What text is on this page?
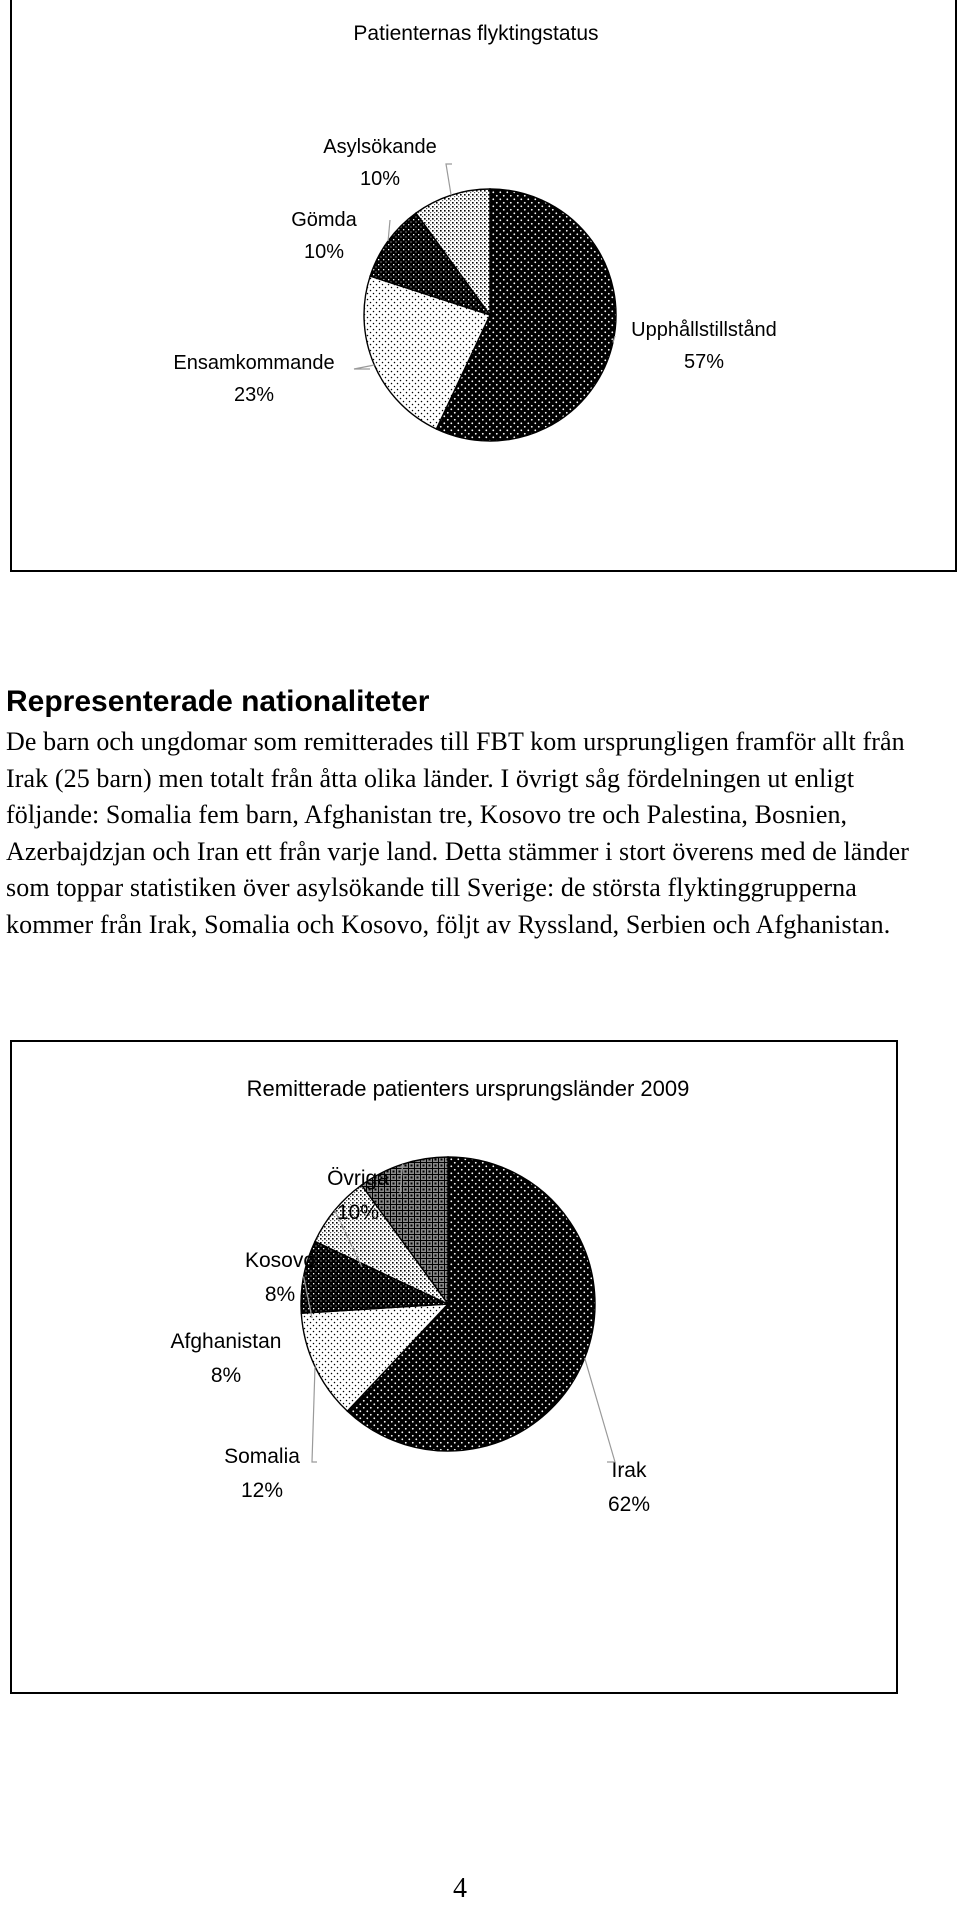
Patienternas flyktingstatus
Upphållstillstånd
57%
Ensamkommande
23%
Gömda
10%
Asylsökande
10%
Representerade nationaliteter

De barn och ungdomar som remitterades till FBT kom ursprungligen framför allt från Irak (25 barn) men totalt från åtta olika länder. I övrigt såg fördelningen ut enligt följande: Somalia fem barn, Afghanistan tre, Kosovo tre och Palestina, Bosnien, Azerbajdzjan och Iran ett från varje land. Detta stämmer i stort överens med de länder som toppar statistiken över asylsökande till Sverige: de största flyktinggrupperna kommer från Irak, Somalia och Kosovo, följt av Ryssland, Serbien och Afghanistan.

Remitterade patienters ursprungsländer 2009
Irak
62%
Somalia
12%
Afghanistan
8%
Kosovo
8%
Övriga
10%
4
